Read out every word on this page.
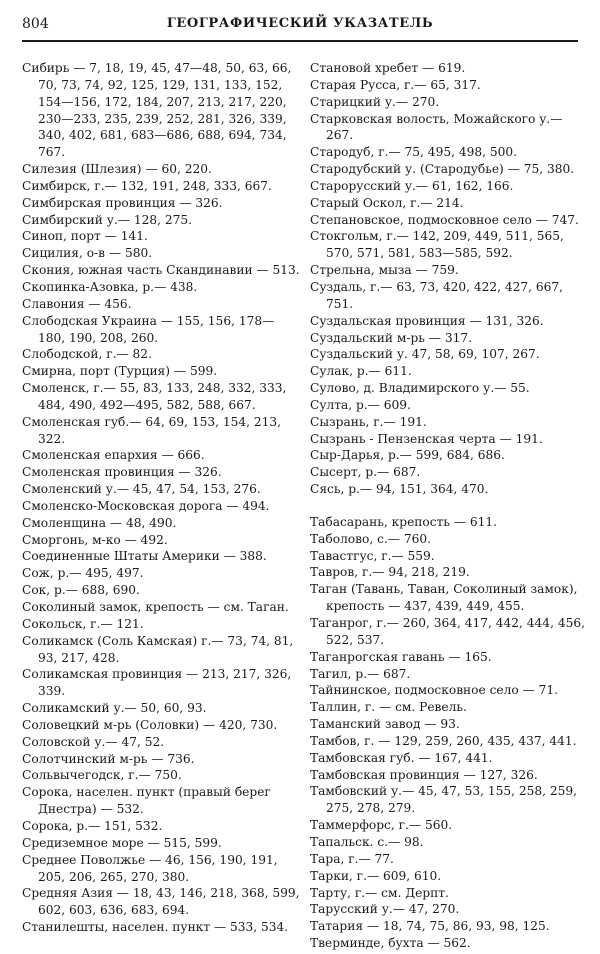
804	ГЕОГРАФИЧЕСКИЙ УКАЗАТЕЛЬ
Сибирь — 7, 18, 19, 45, 47—48, 50, 63, 66, 70, 73, 74, 92, 125, 129, 131, 133, 152, 154—156, 172, 184, 207, 213, 217, 220, 230—233, 235, 239, 252, 281, 326, 339, 340, 402, 681, 683—686, 688, 694, 734, 767.
Силезия (Шлезия) — 60, 220.
Симбирск, г.— 132, 191, 248, 333, 667.
Симбирская провинция — 326.
Симбирский у.— 128, 275.
Синоп, порт — 141.
Сицилия, о-в — 580.
Скония, южная часть Скандинавии — 513.
Скопинка-Азовка, р.— 438.
Славония — 456.
Слободская Украина — 155, 156, 178— 180, 190, 208, 260.
Слободской, г.— 82.
Смирна, порт (Турция) — 599.
Смоленск, г.— 55, 83, 133, 248, 332, 333, 484, 490, 492—495, 582, 588, 667.
Смоленская губ.— 64, 69, 153, 154, 213, 322.
Смоленская епархия — 666.
Смоленская провинция — 326.
Смоленский у.— 45, 47, 54, 153, 276.
Смоленско-Московская дорога — 494.
Смоленщина — 48, 490.
Сморгонь, м-ко — 492.
Соединенные Штаты Америки — 388.
Сож, р.— 495, 497.
Сок, р.— 688, 690.
Соколиный замок, крепость — см. Таган.
Сокольск, г.— 121.
Соликамск (Соль Камская) г.— 73, 74, 81, 93, 217, 428.
Соликамская провинция — 213, 217, 326, 339.
Соликамский у.— 50, 60, 93.
Соловецкий м-рь (Соловки) — 420, 730.
Соловской у.— 47, 52.
Солотчинский м-рь — 736.
Сольвычегодск, г.— 750.
Сорока, населен. пункт (правый берег Днестра) — 532.
Сорока, р.— 151, 532.
Средиземное море — 515, 599.
Среднее Поволжье — 46, 156, 190, 191, 205, 206, 265, 270, 380.
Средняя Азия — 18, 43, 146, 218, 368, 599, 602, 603, 636, 683, 694.
Станилешты, населен. пункт — 533, 534.
Становой хребет — 619.
Старая Русса, г.— 65, 317.
Старицкий у.— 270.
Старковская волость, Можайского у.— 267.
Стародуб, г.— 75, 495, 498, 500.
Стародубский у. (Стародубье) — 75, 380.
Старорусский у.— 61, 162, 166.
Старый Оскол, г.— 214.
Степановское, подмосковное село — 747.
Стокгольм, г.— 142, 209, 449, 511, 565, 570, 571, 581, 583—585, 592.
Стрельна, мыза — 759.
Суздаль, г.— 63, 73, 420, 422, 427, 667, 751.
Суздальская провинция — 131, 326.
Суздальский м-рь — 317.
Суздальский у. 47, 58, 69, 107, 267.
Сулак, р.— 611.
Сулово, д. Владимирского у.— 55.
Султа, р.— 609.
Сызрань, г.— 191.
Сызрань - Пензенская черта — 191.
Сыр-Дарья, р.— 599, 684, 686.
Сысерт, р.— 687.
Сясь, р.— 94, 151, 364, 470.
Табасарань, крепость — 611.
Таболово, с.— 760.
Тавастгус, г.— 559.
Тавров, г.— 94, 218, 219.
Таган (Тавань, Таван, Соколиный замок), крепость — 437, 439, 449, 455.
Таганрог, г.— 260, 364, 417, 442, 444, 456, 522, 537.
Таганрогская гавань — 165.
Тагил, р.— 687.
Тайнинское, подмосковное село — 71.
Таллин, г. — см. Ревель.
Таманский завод — 93.
Тамбов, г. — 129, 259, 260, 435, 437, 441.
Тамбовская губ. — 167, 441.
Тамбовская провинция — 127, 326.
Тамбовский у.— 45, 47, 53, 155, 258, 259, 275, 278, 279.
Таммерфорс, г.— 560.
Тапальск. с.— 98.
Тара, г.— 77.
Тарки, г.— 609, 610.
Тарту, г.— см. Дерпт.
Тарусский у.— 47, 270.
Татария — 18, 74, 75, 86, 93, 98, 125.
Тверминде, бухта — 562.
